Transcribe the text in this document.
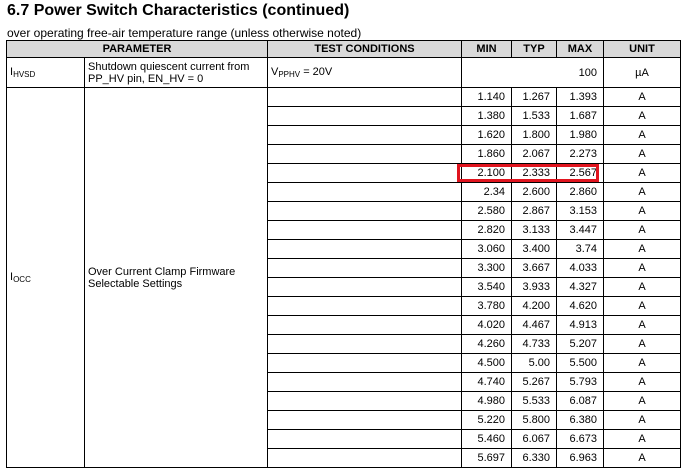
6.7 Power Switch Characteristics (continued)
over operating free-air temperature range (unless otherwise noted)
PARAMETER		TEST CONDITIONS	MIN	TYP	MAX	UNIT
$I_{HVSD}$	Shutdown quiescent current from PP_HV pin, EN_HV = 0	$V_{PPHV} = 20V$	100			µA
$I_{OCC}$	Over Current Clamp Firmware Selectable Settings		1.140	1.267	1.393	A
			1.380	1.533	1.687	A
			1.620	1.800	1.980	A
			1.860	2.067	2.273	A
			2.100	2.333	2.567	A
			2.34	2.600	2.860	A
			2.580	2.867	3.153	A
			2.820	3.133	3.447	A
			3.060	3.400	3.74	A
			3.300	3.667	4.033	A
			3.540	3.933	4.327	A
			3.780	4.200	4.620	A
			4.020	4.467	4.913	A
			4.260	4.733	5.207	A
			4.500	5.00	5.500	A
			4.740	5.267	5.793	A
			4.980	5.533	6.087	A
			5.220	5.800	6.380	A
			5.460	6.067	6.673	A
			5.697	6.330	6.963	A
